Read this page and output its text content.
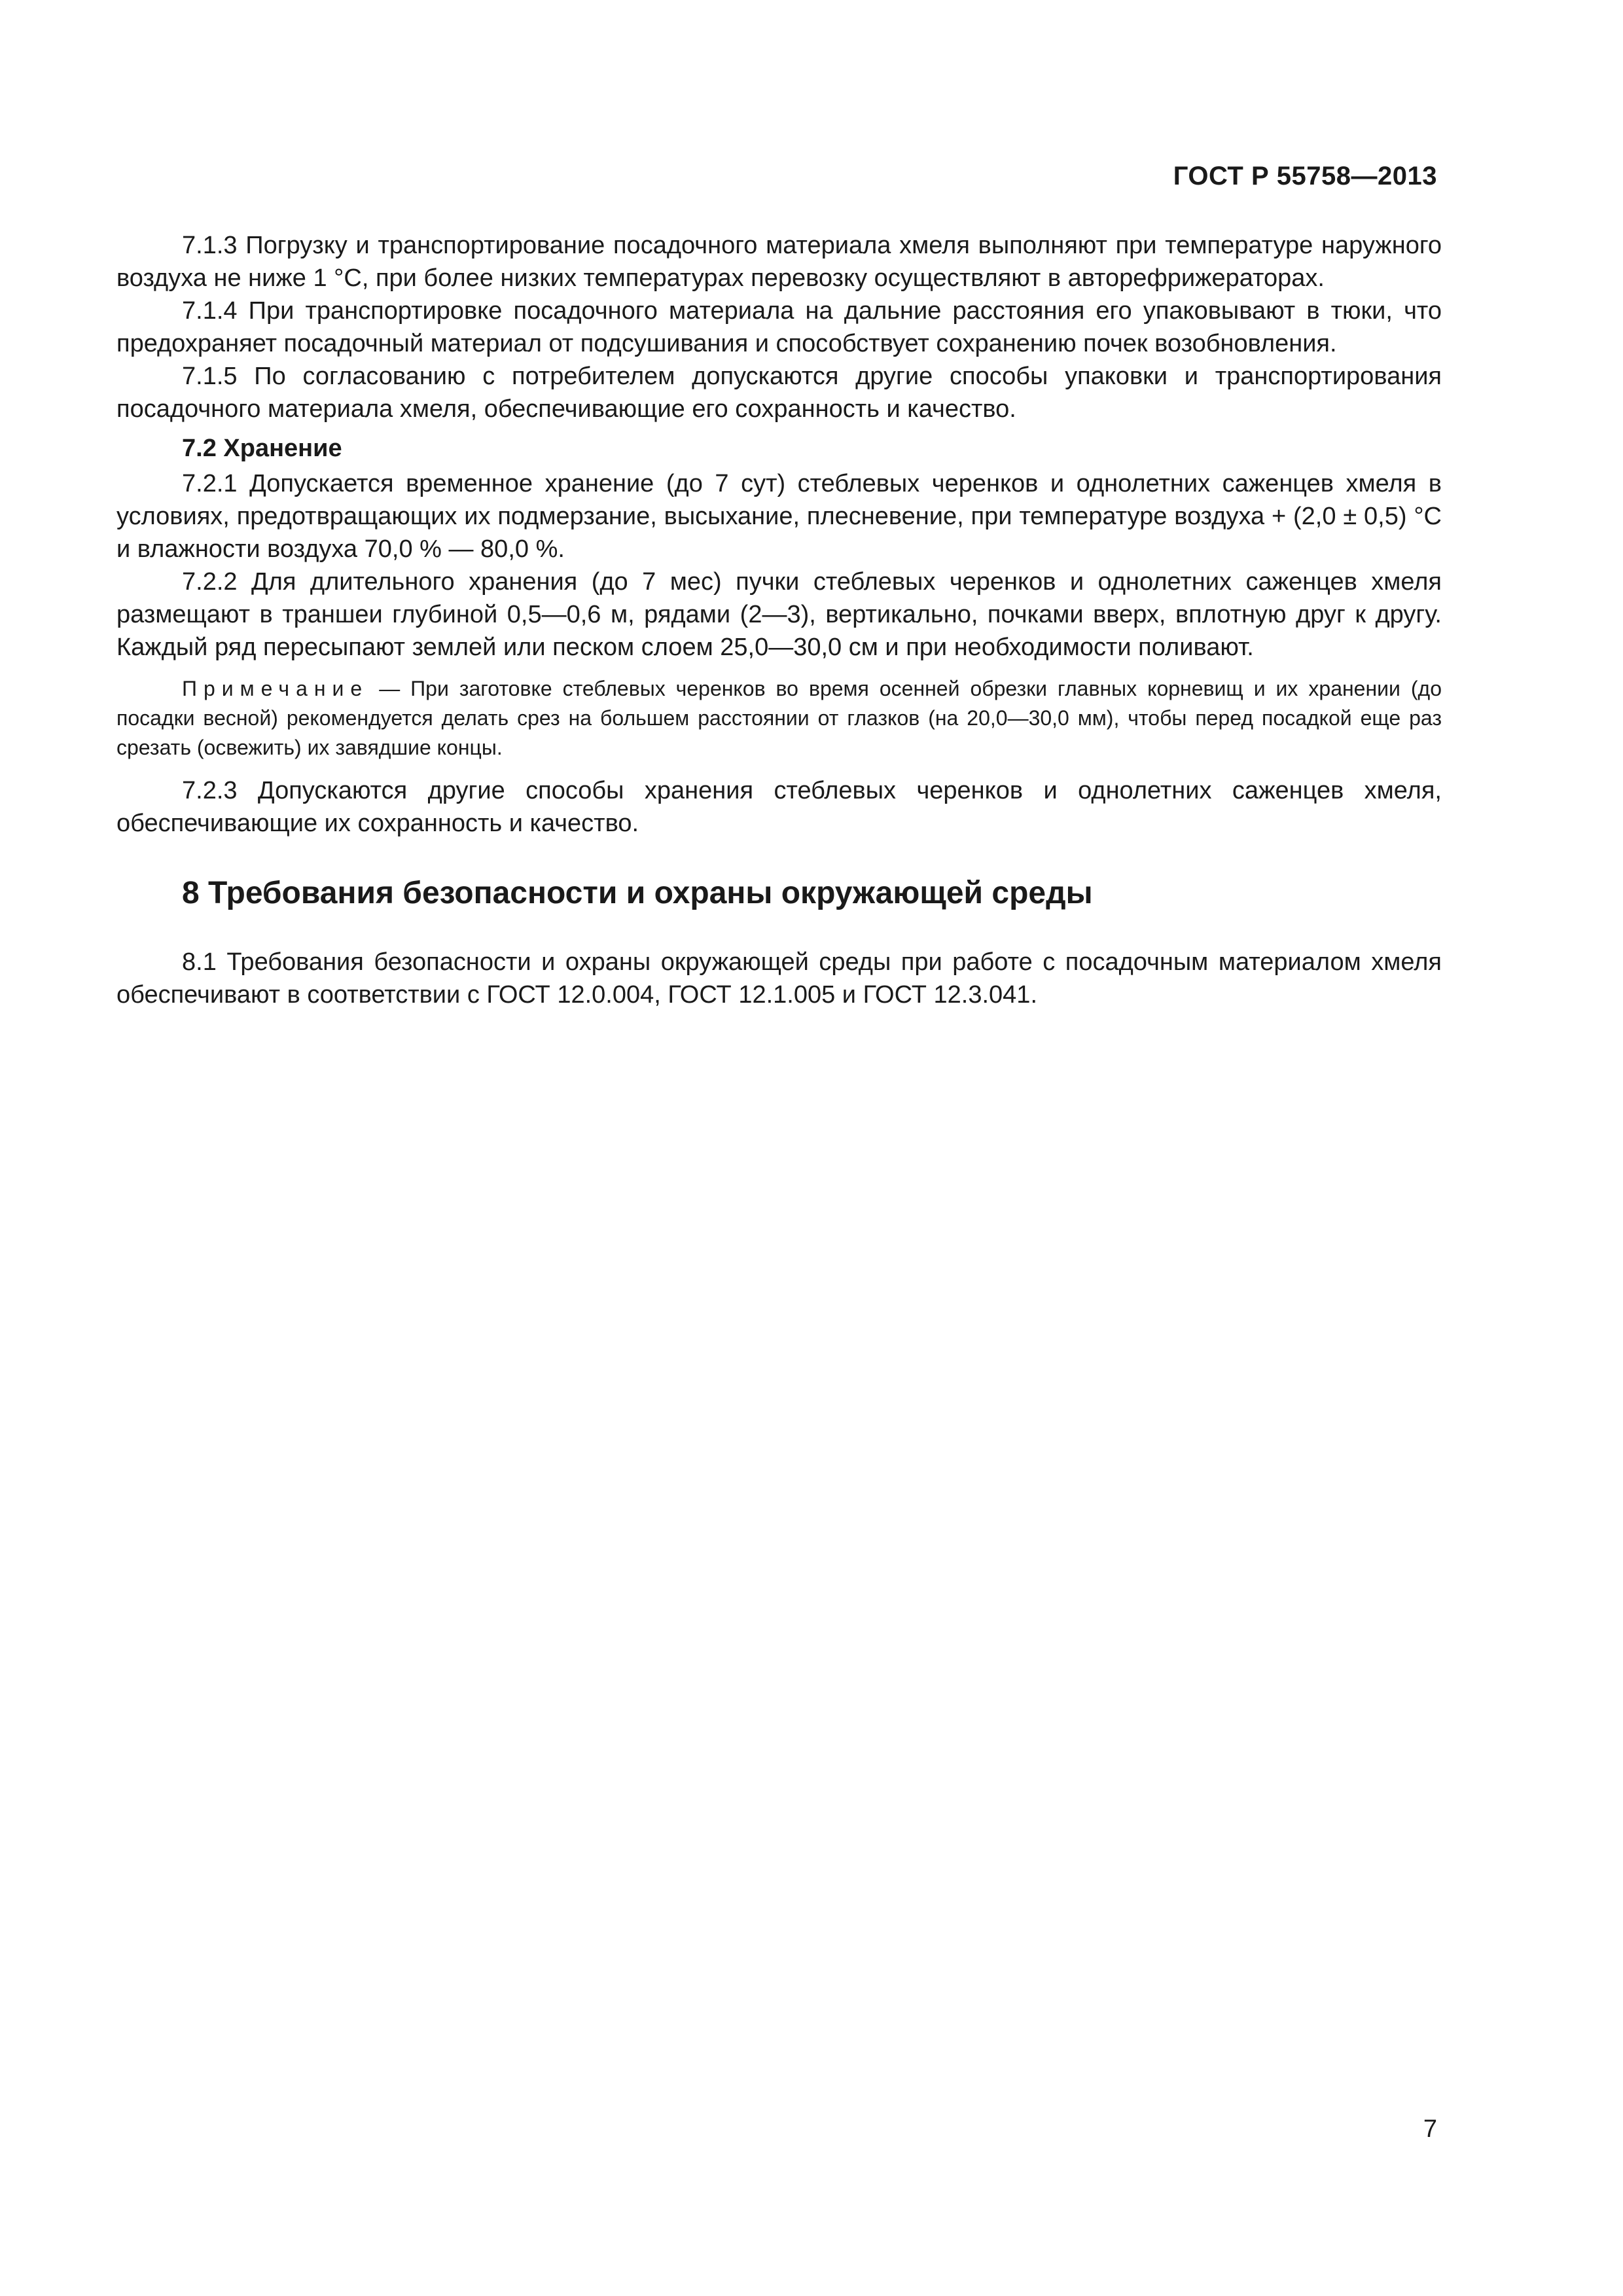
ГОСТ Р 55758—2013

7.1.3 Погрузку и транспортирование посадочного материала хмеля выполняют при температуре наружного воздуха не ниже 1 °С, при более низких температурах перевозку осуществляют в авторефрижераторах.

7.1.4 При транспортировке посадочного материала на дальние расстояния его упаковывают в тюки, что предохраняет посадочный материал от подсушивания и способствует сохранению почек возобновления.

7.1.5 По согласованию с потребителем допускаются другие способы упаковки и транспортирования посадочного материала хмеля, обеспечивающие его сохранность и качество.

7.2 Хранение

7.2.1 Допускается временное хранение (до 7 сут) стеблевых черенков и однолетних саженцев хмеля в условиях, предотвращающих их подмерзание, высыхание, плесневение, при температуре воздуха + (2,0 ± 0,5) °С и влажности воздуха 70,0 % — 80,0 %.

7.2.2 Для длительного хранения (до 7 мес) пучки стеблевых черенков и однолетних саженцев хмеля размещают в траншеи глубиной 0,5—0,6 м, рядами (2—3), вертикально, почками вверх, вплотную друг к другу. Каждый ряд пересыпают землей или песком слоем 25,0—30,0 см и при необходимости поливают.

Примечание — При заготовке стеблевых черенков во время осенней обрезки главных корневищ и их хранении (до посадки весной) рекомендуется делать срез на большем расстоянии от глазков (на 20,0—30,0 мм), чтобы перед посадкой еще раз срезать (освежить) их завядшие концы.

7.2.3 Допускаются другие способы хранения стеблевых черенков и однолетних саженцев хмеля, обеспечивающие их сохранность и качество.

8 Требования безопасности и охраны окружающей среды

8.1 Требования безопасности и охраны окружающей среды при работе с посадочным материалом хмеля обеспечивают в соответствии с ГОСТ 12.0.004, ГОСТ 12.1.005 и ГОСТ 12.3.041.

7
